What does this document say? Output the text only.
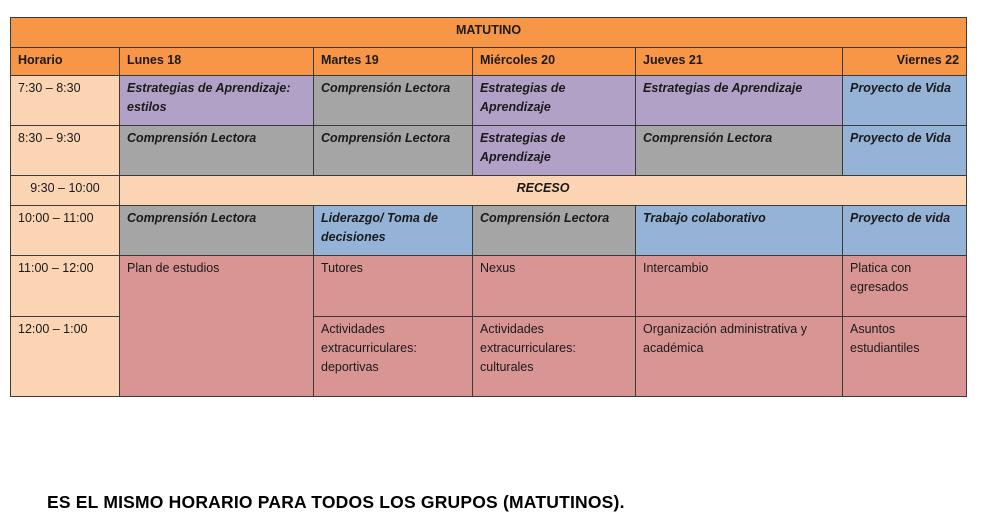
MATUTINO					
Horario	Lunes 18	Martes 19	Miércoles 20	Jueves 21	Viernes 22
7:30 – 8:30	Estrategias de Aprendizaje: estilos	Comprensión Lectora	Estrategias de Aprendizaje	Estrategias de Aprendizaje	Proyecto de Vida
8:30 – 9:30	Comprensión Lectora	Comprensión Lectora	Estrategias de Aprendizaje	Comprensión Lectora	Proyecto de Vida
9:30 – 10:00	RECESO				
10:00 – 11:00	Comprensión Lectora	Liderazgo/ Toma de decisiones	Comprensión Lectora	Trabajo colaborativo	Proyecto de vida
11:00 – 12:00	Plan de estudios	Tutores	Nexus	Intercambio	Platica con egresados
12:00 – 1:00		Actividades extracurriculares: deportivas	Actividades extracurriculares: culturales	Organización administrativa y académica	Asuntos estudiantiles
ES EL MISMO HORARIO PARA TODOS LOS GRUPOS (MATUTINOS).
